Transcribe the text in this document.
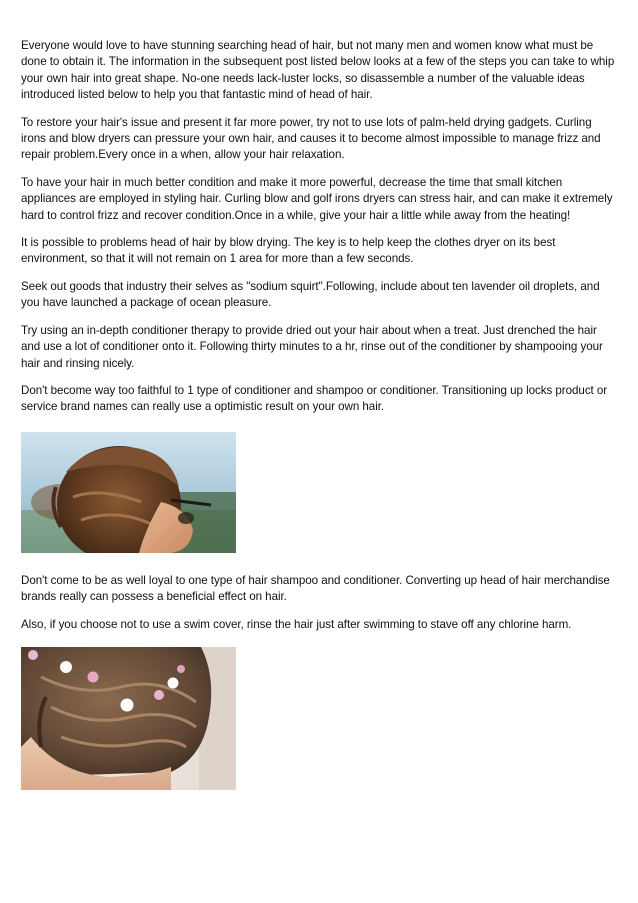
Everyone would love to have stunning searching head of hair, but not many men and women know what must be done to obtain it. The information in the subsequent post listed below looks at a few of the steps you can take to whip your own hair into great shape. No-one needs lack-luster locks, so disassemble a number of the valuable ideas introduced listed below to help you that fantastic mind of head of hair.

To restore your hair's issue and present it far more power, try not to use lots of palm-held drying gadgets. Curling irons and blow dryers can pressure your own hair, and causes it to become almost impossible to manage frizz and repair problem.Every once in a when, allow your hair relaxation.

To have your hair in much better condition and make it more powerful, decrease the time that small kitchen appliances are employed in styling hair. Curling blow and golf irons dryers can stress hair, and can make it extremely hard to control frizz and recover condition.Once in a while, give your hair a little while away from the heating!

It is possible to problems head of hair by blow drying. The key is to help keep the clothes dryer on its best environment, so that it will not remain on 1 area for more than a few seconds.

Seek out goods that industry their selves as "sodium squirt".Following, include about ten lavender oil droplets, and you have launched a package of ocean pleasure.

Try using an in-depth conditioner therapy to provide dried out your hair about when a treat. Just drenched the hair and use a lot of conditioner onto it. Following thirty minutes to a hr, rinse out of the conditioner by shampooing your hair and rinsing nicely.

Don't become way too faithful to 1 type of conditioner and shampoo or conditioner. Transitioning up locks product or service brand names can really use a optimistic result on your own hair.

Don't come to be as well loyal to one type of hair shampoo and conditioner. Converting up head of hair merchandise brands really can possess a beneficial effect on hair.

Also, if you choose not to use a swim cover, rinse the hair just after swimming to stave off any chlorine harm.
